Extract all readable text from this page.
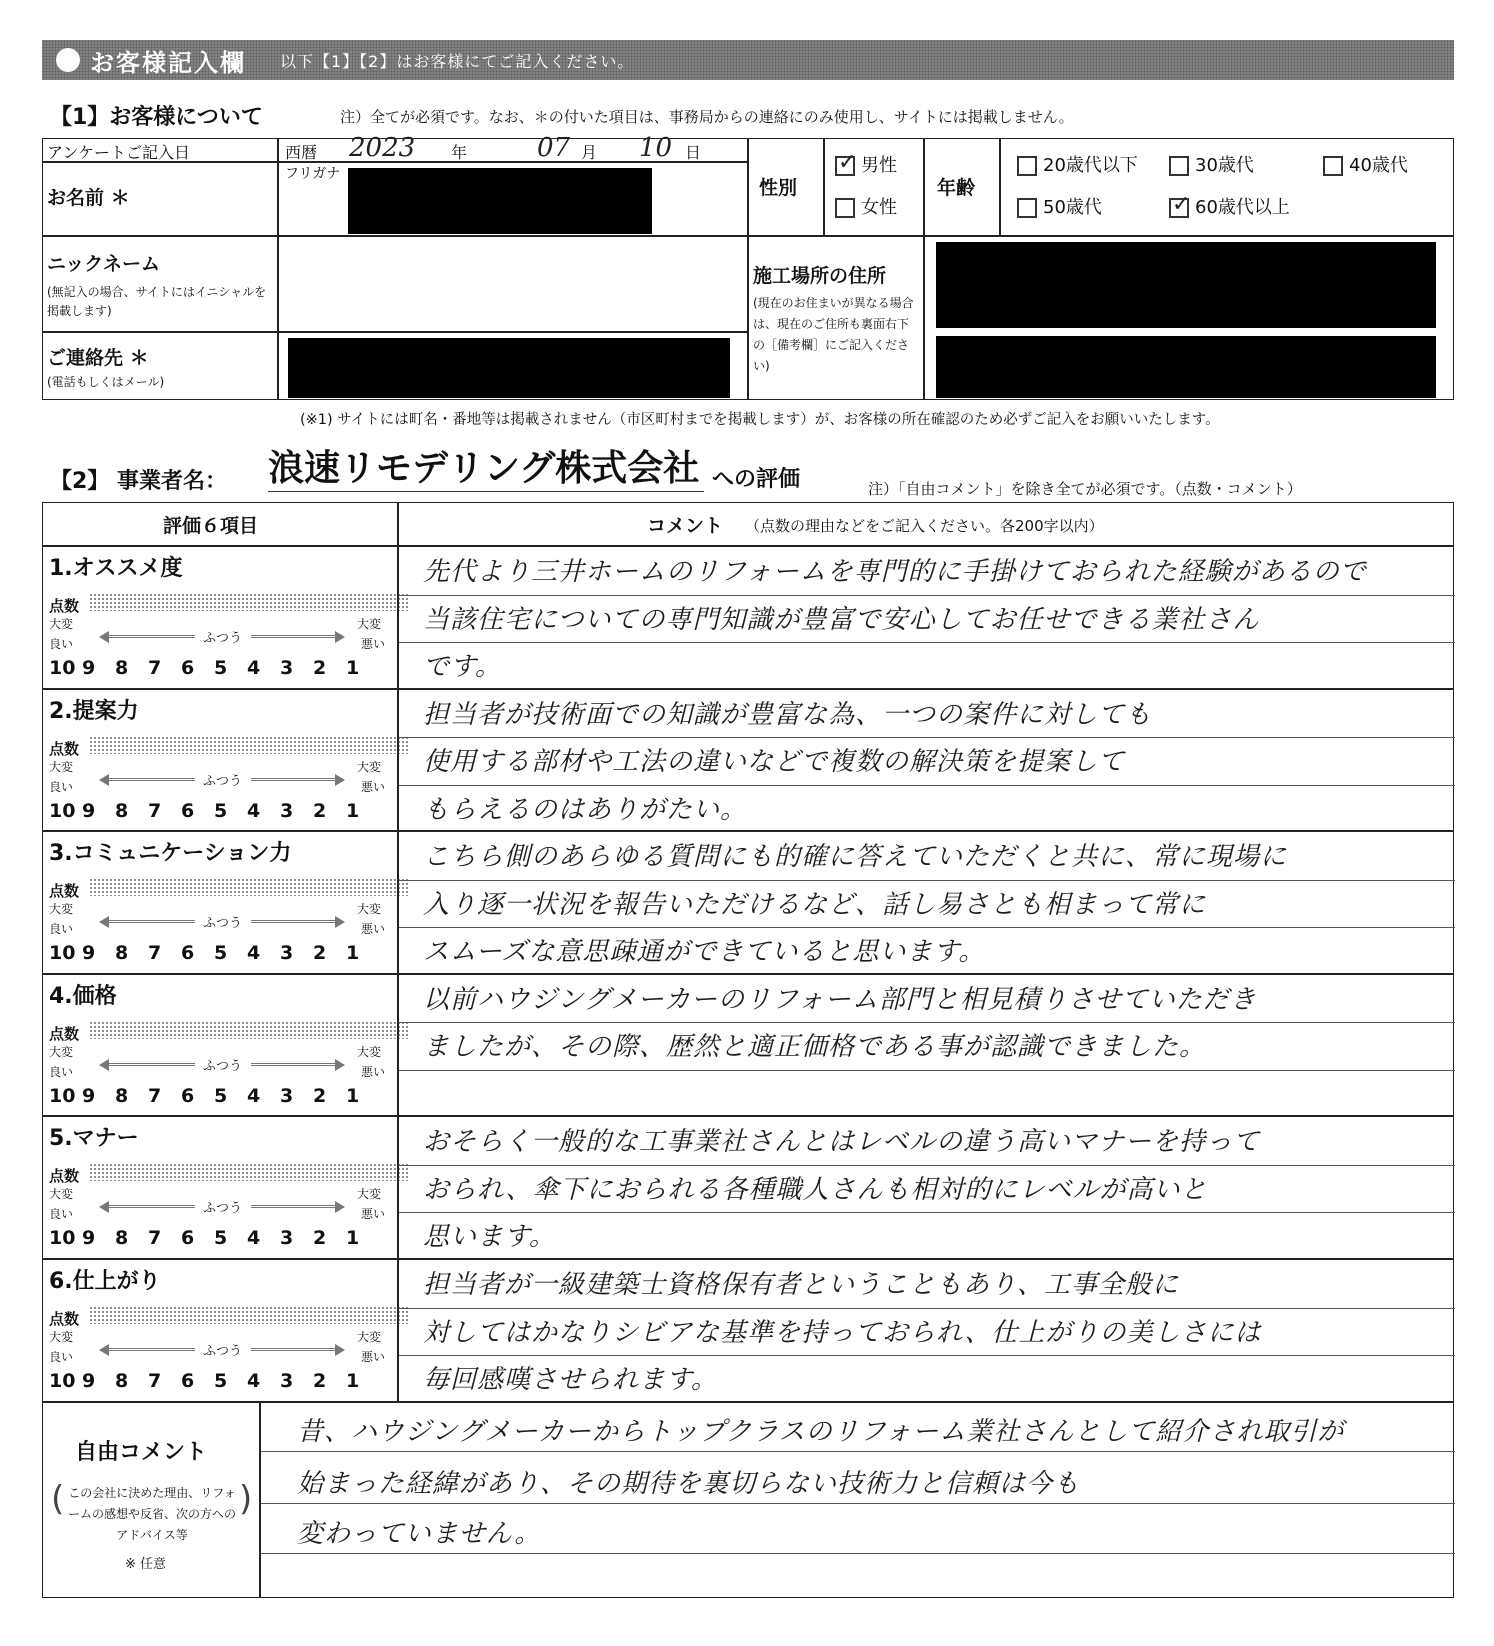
お客様記入欄 以下【1】【2】はお客様にてご記入ください。
【1】お客様について	注）全てが必須です。なお、＊の付いた項目は、事務局からの連絡にのみ使用し、サイトには掲載しません。
アンケートご記入日	西暦 2023 年	07 月 10 日
お名前 ＊
フリガナ
ニックネーム
(無記入の場合、サイトにはイニシャルを掲載します)
ご連絡先 ＊
(電話もしくはメール)
性別
✓男性
女性
年齢
20歳代以下	30歳代	40歳代
50歳代
✓	60歳代以上
施工場所の住所
(現在のお住まいが異なる場合は、現在のご住所も裏面右下の［備考欄］にご記入ください)
(※1) サイトには町名・番地等は掲載されません（市区町村までを掲載します）が、お客様の所在確認のため必ずご記入をお願いいたします。
【2】 事業者名： 浪速リモデリング株式会社 への評価	注）「自由コメント」を除き全てが必須です。（点数・コメント）
評価６項目	コメント （点数の理由などをご記入ください。各200字以内）
1.オススメ度
点数
大変
良い	ふつう
大変
悪い
10 9	8	7	6	5	4	3	2	1
先代より三井ホームのリフォームを専門的に手掛けておられた経験があるので
当該住宅についての専門知識が豊富で安心してお任せできる業社さん
です。
2.提案力
点数
大変
良い	ふつう
大変
悪い
10 9	8	7	6	5	4	3	2	1
担当者が技術面での知識が豊富な為、一つの案件に対しても
使用する部材や工法の違いなどで複数の解決策を提案して
もらえるのはありがたい。
3.コミュニケーション力
点数
大変
良い	ふつう
大変
悪い
10 9	8	7	6	5	4	3	2	1
こちら側のあらゆる質問にも的確に答えていただくと共に、常に現場に
入り逐一状況を報告いただけるなど、話し易さとも相まって常に
スムーズな意思疎通ができていると思います。
4.価格
点数
大変
良い	ふつう
大変
悪い
10 9	8	7	6	5	4	3	2	1
以前ハウジングメーカーのリフォーム部門と相見積りさせていただき
ましたが、その際、歴然と適正価格である事が認識できました。
5.マナー
点数
大変
良い	ふつう
大変
悪い
10 9	8	7	6	5	4	3	2	1
おそらく一般的な工事業社さんとはレベルの違う高いマナーを持って
おられ、傘下におられる各種職人さんも相対的にレベルが高いと
思います。
6.仕上がり
点数
大変
良い	ふつう
大変
悪い
10 9	8	7	6	5	4	3	2	1
担当者が一級建築士資格保有者ということもあり、工事全般に
対してはかなりシビアな基準を持っておられ、仕上がりの美しさには
毎回感嘆させられます。
自由コメント
( この会社に決めた理由、リフォームの感想や反省、次の方へのアドバイス等
)
※ 任意
昔、ハウジングメーカーからトップクラスのリフォーム業社さんとして紹介され取引が
始まった経緯があり、その期待を裏切らない技術力と信頼は今も
変わっていません。
